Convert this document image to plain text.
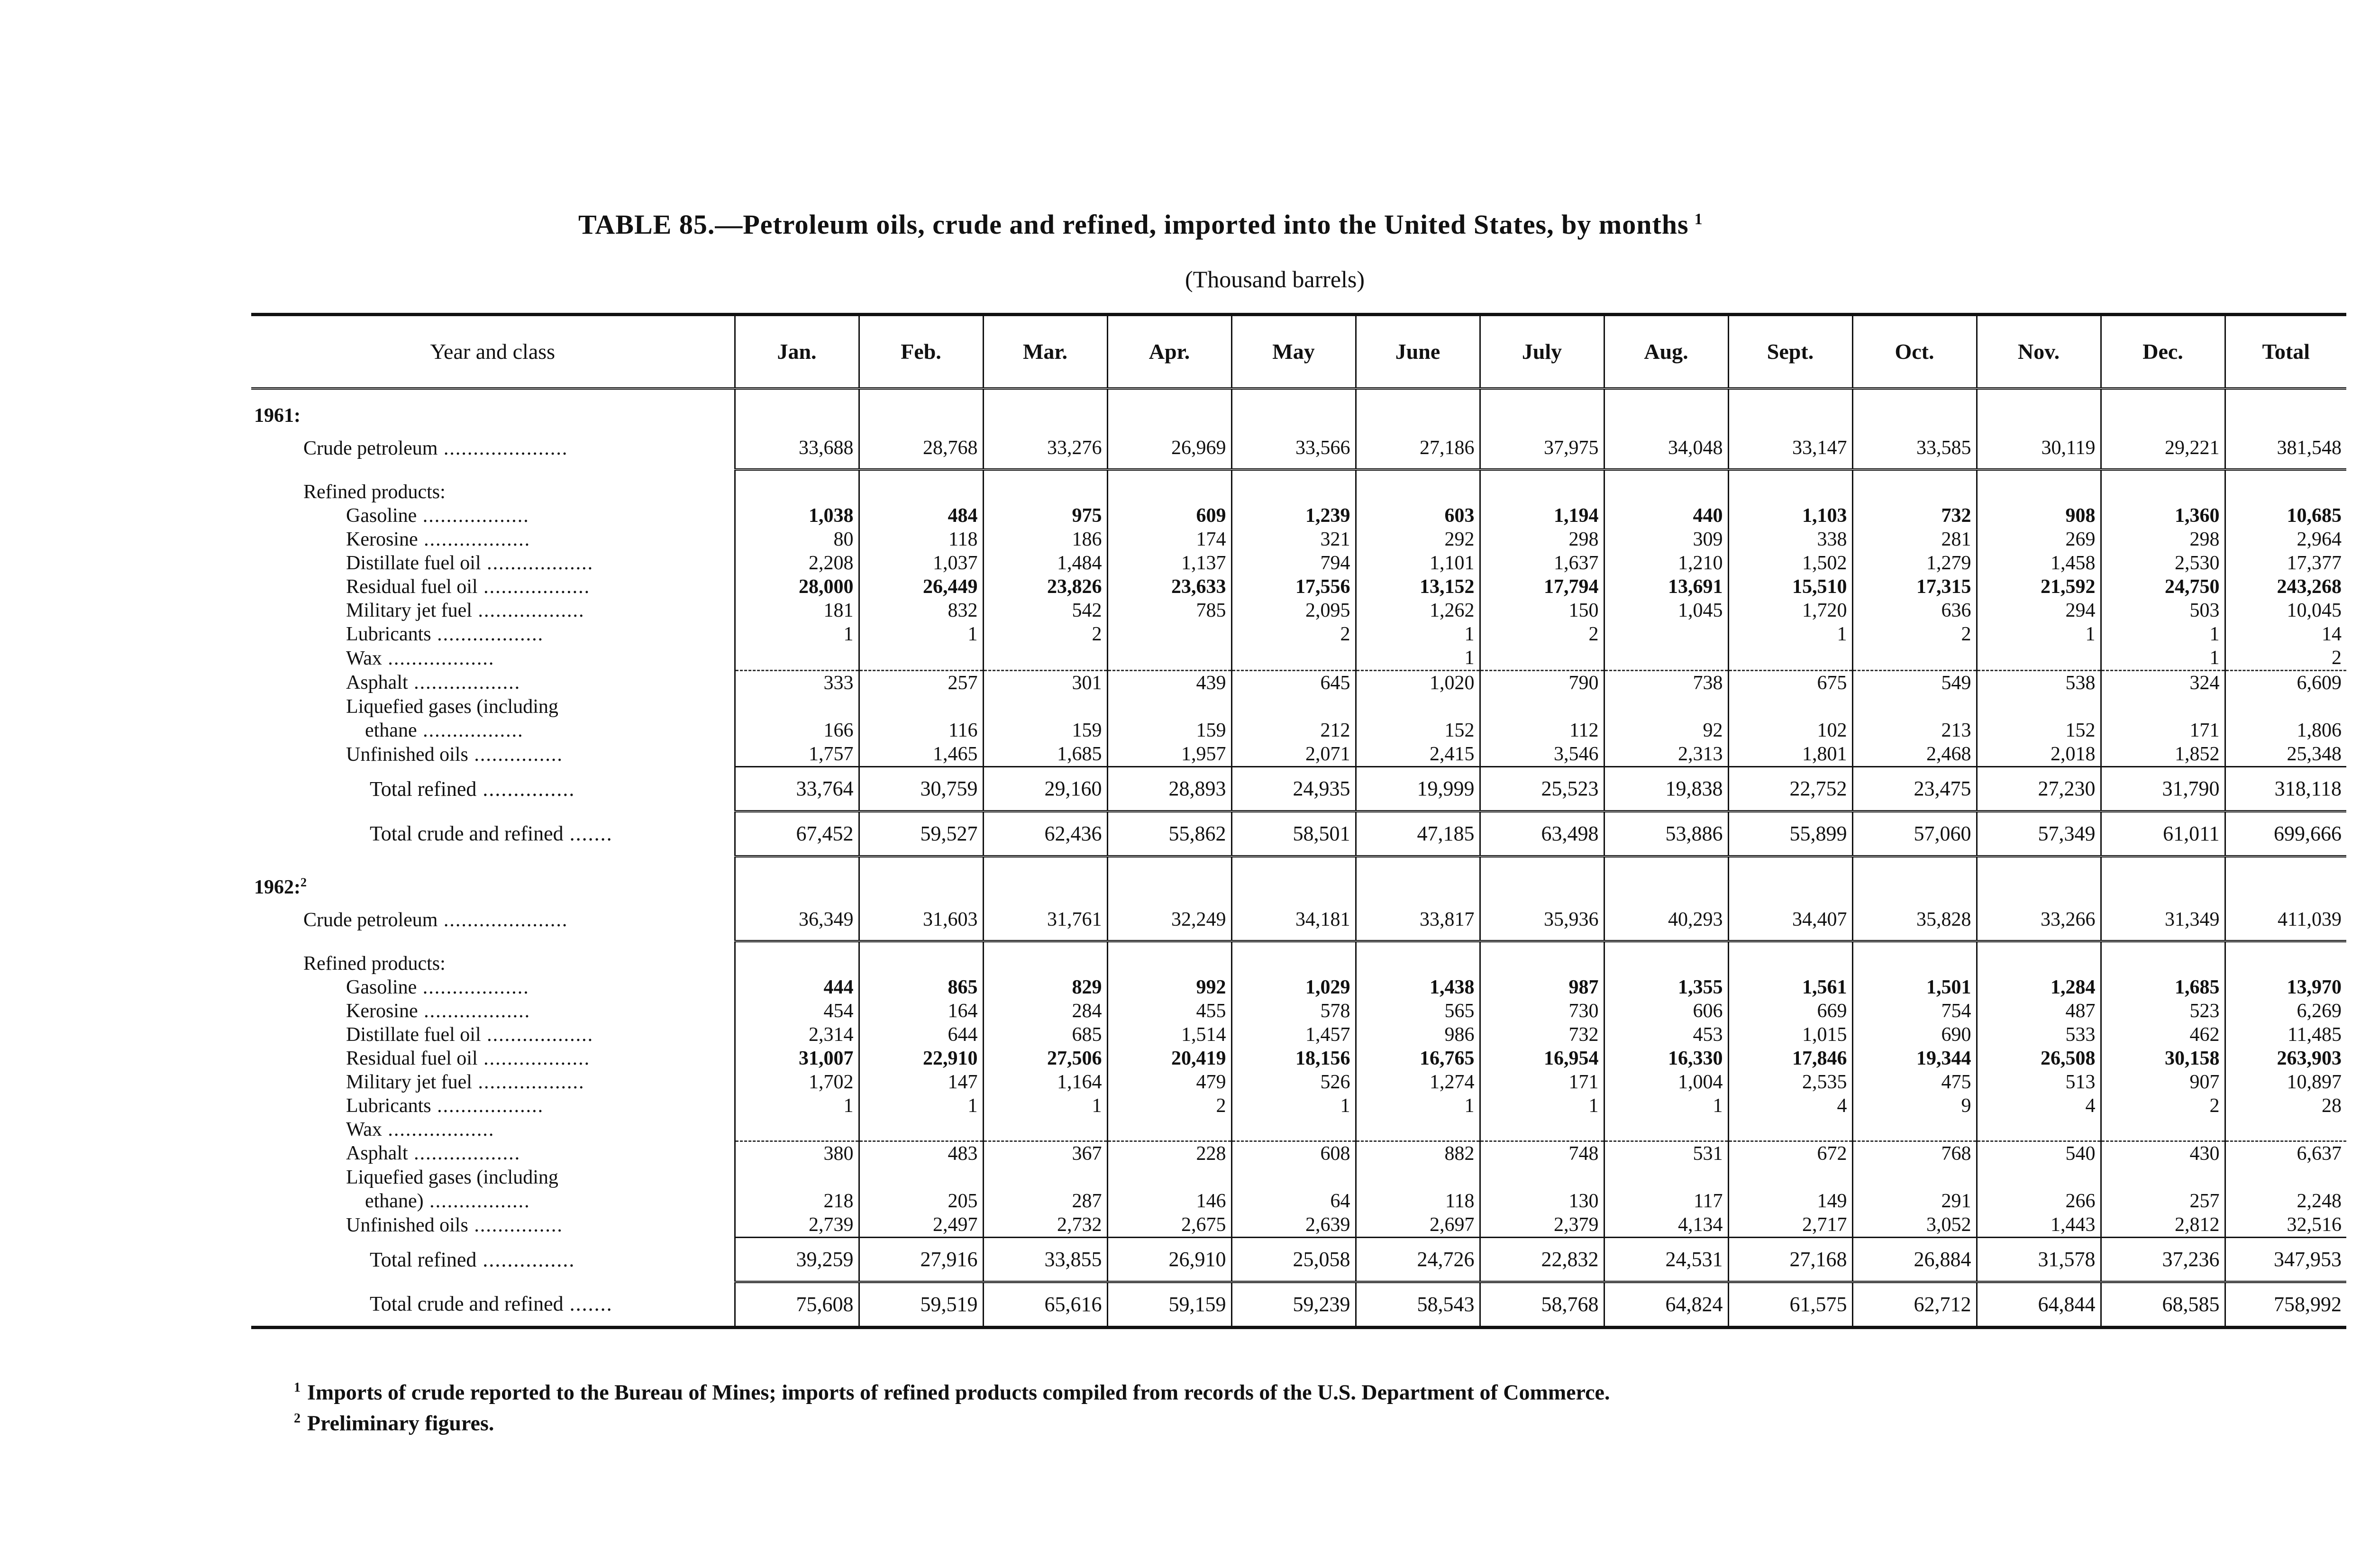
TABLE 85.—Petroleum oils, crude and refined, imported into the United States, by months $^1$
(Thousand barrels)
Year and class	Jan.	Feb.	Mar.	Apr.	May	June	July	Aug.	Sept.	Oct.	Nov.	Dec.	Total
1961:													
Crude petroleum .....................	33,688	28,768	33,276	26,969	33,566	27,186	37,975	34,048	33,147	33,585	30,119	29,221	381,548

Refined products:													
Gasoline ..................	1,038	484	975	609	1,239	603	1,194	440	1,103	732	908	1,360	10,685
Kerosine ..................	80	118	186	174	321	292	298	309	338	281	269	298	2,964
Distillate fuel oil ..................	2,208	1,037	1,484	1,137	794	1,101	1,637	1,210	1,502	1,279	1,458	2,530	17,377
Residual fuel oil ..................	28,000	26,449	23,826	23,633	17,556	13,152	17,794	13,691	15,510	17,315	21,592	24,750	243,268
Military jet fuel ..................	181	832	542	785	2,095	1,262	150	1,045	1,720	636	294	503	10,045
Lubricants ..................	1	1	2		2	1	2		1	2	1	1	14
Wax ..................						1						1	2
Asphalt ..................	333	257	301	439	645	1,020	790	738	675	549	538	324	6,609
Liquefied gases (including													
ethane .................	166	116	159	159	212	152	112	92	102	213	152	171	1,806
Unfinished oils ...............	1,757	1,465	1,685	1,957	2,071	2,415	3,546	2,313	1,801	2,468	2,018	1,852	25,348
Total refined ...............	33,764	30,759	29,160	28,893	24,935	19,999	25,523	19,838	22,752	23,475	27,230	31,790	318,118
Total crude and refined .......	67,452	59,527	62,436	55,862	58,501	47,185	63,498	53,886	55,899	57,060	57,349	61,011	699,666
1962:$^2$													
Crude petroleum .....................	36,349	31,603	31,761	32,249	34,181	33,817	35,936	40,293	34,407	35,828	33,266	31,349	411,039

Refined products:													
Gasoline ..................	444	865	829	992	1,029	1,438	987	1,355	1,561	1,501	1,284	1,685	13,970
Kerosine ..................	454	164	284	455	578	565	730	606	669	754	487	523	6,269
Distillate fuel oil ..................	2,314	644	685	1,514	1,457	986	732	453	1,015	690	533	462	11,485
Residual fuel oil ..................	31,007	22,910	27,506	20,419	18,156	16,765	16,954	16,330	17,846	19,344	26,508	30,158	263,903
Military jet fuel ..................	1,702	147	1,164	479	526	1,274	171	1,004	2,535	475	513	907	10,897
Lubricants ..................	1	1	1	2	1	1	1	1	4	9	4	2	28
Wax ..................													
Asphalt ..................	380	483	367	228	608	882	748	531	672	768	540	430	6,637
Liquefied gases (including													
ethane) .................	218	205	287	146	64	118	130	117	149	291	266	257	2,248
Unfinished oils ...............	2,739	2,497	2,732	2,675	2,639	2,697	2,379	4,134	2,717	3,052	1,443	2,812	32,516
Total refined ...............	39,259	27,916	33,855	26,910	25,058	24,726	22,832	24,531	27,168	26,884	31,578	37,236	347,953
Total crude and refined .......	75,608	59,519	65,616	59,159	59,239	58,543	58,768	64,824	61,575	62,712	64,844	68,585	758,992
$^1$ Imports of crude reported to the Bureau of Mines; imports of refined products compiled from records of the U.S. Department of Commerce.
$^2$ Preliminary figures.
